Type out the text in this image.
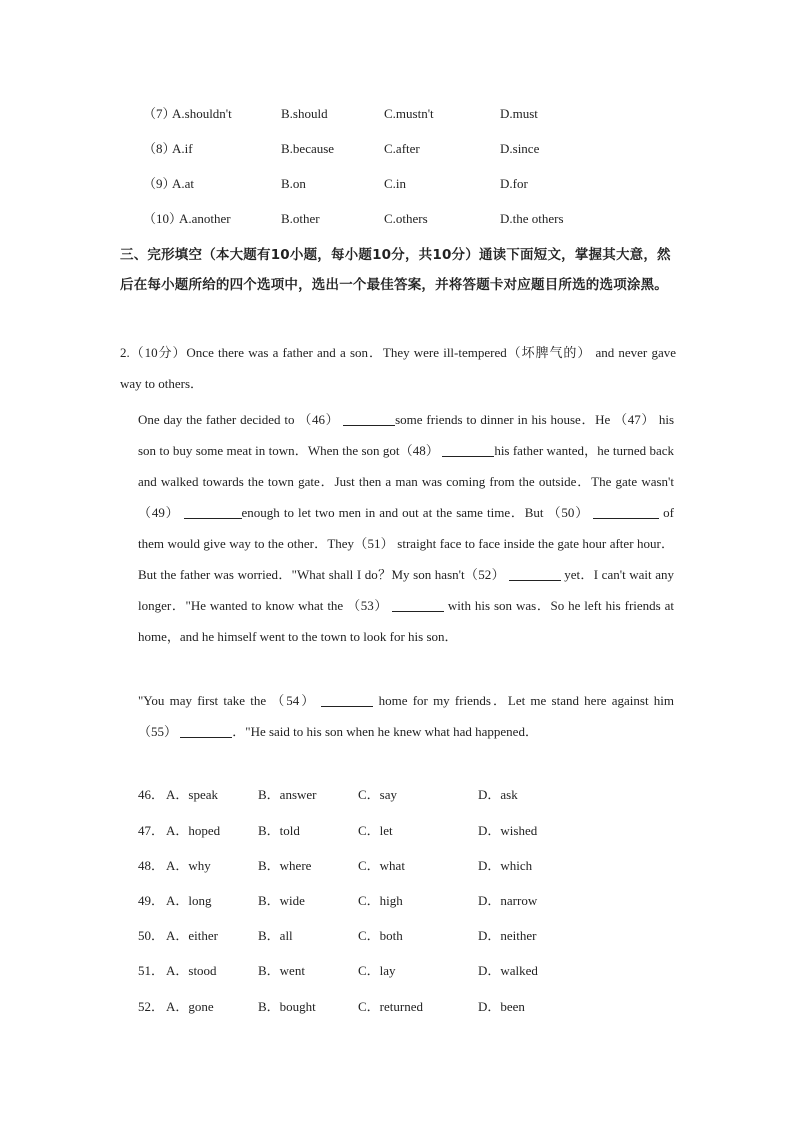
（7）
A.shouldn't	B.should	C.mustn't	D.must
（8）
A.if	B.because	C.after	D.since
（9）
A.at	B.on	C.in	D.for
（10）
A.another	B.other	C.others	D.the others
三、完形填空（本大题有10小题，每小题10分，共10分）通读下面短文，掌握其大意，然后在每小题所给的四个选项中，选出一个最佳答案，并将答题卡对应题目所选的选项涂黑。
2.（10分）Once there was a father and a son．They were ill-tempered（坏脾气的） and never gave way to others．
One day the father decided to （46）	some friends to dinner in his house．He （47） his son to buy some meat in town．When the son got（48）	his father wanted，he turned back and walked towards the town gate．Just then a man was coming from the outside．The gate wasn't （49）	enough to let two men in and out at the same time．But （50）	of them would give way to the other．They（51） straight face to face inside the gate hour after hour．But the father was worried．"What shall I do？My son hasn't（52）	yet．I can't wait any longer．"He wanted to know what the （53）	with his son was．So he left his friends at home，and he himself went to the town to look for his son．
"You may first take the （54）	home for my friends．Let me stand here against him （55）	．"He said to his son when he knew what had happened．
46． A．speak	B．answer	C．say	D．ask
47． A．hoped	B．told	C．let	D．wished
48． A．why	B．where	C．what	D．which
49． A．long	B．wide	C．high	D．narrow
50． A．either	B．all	C．both	D．neither
51． A．stood	B．went	C．lay	D．walked
52． A．gone	B．bought	C．returned	D．been
